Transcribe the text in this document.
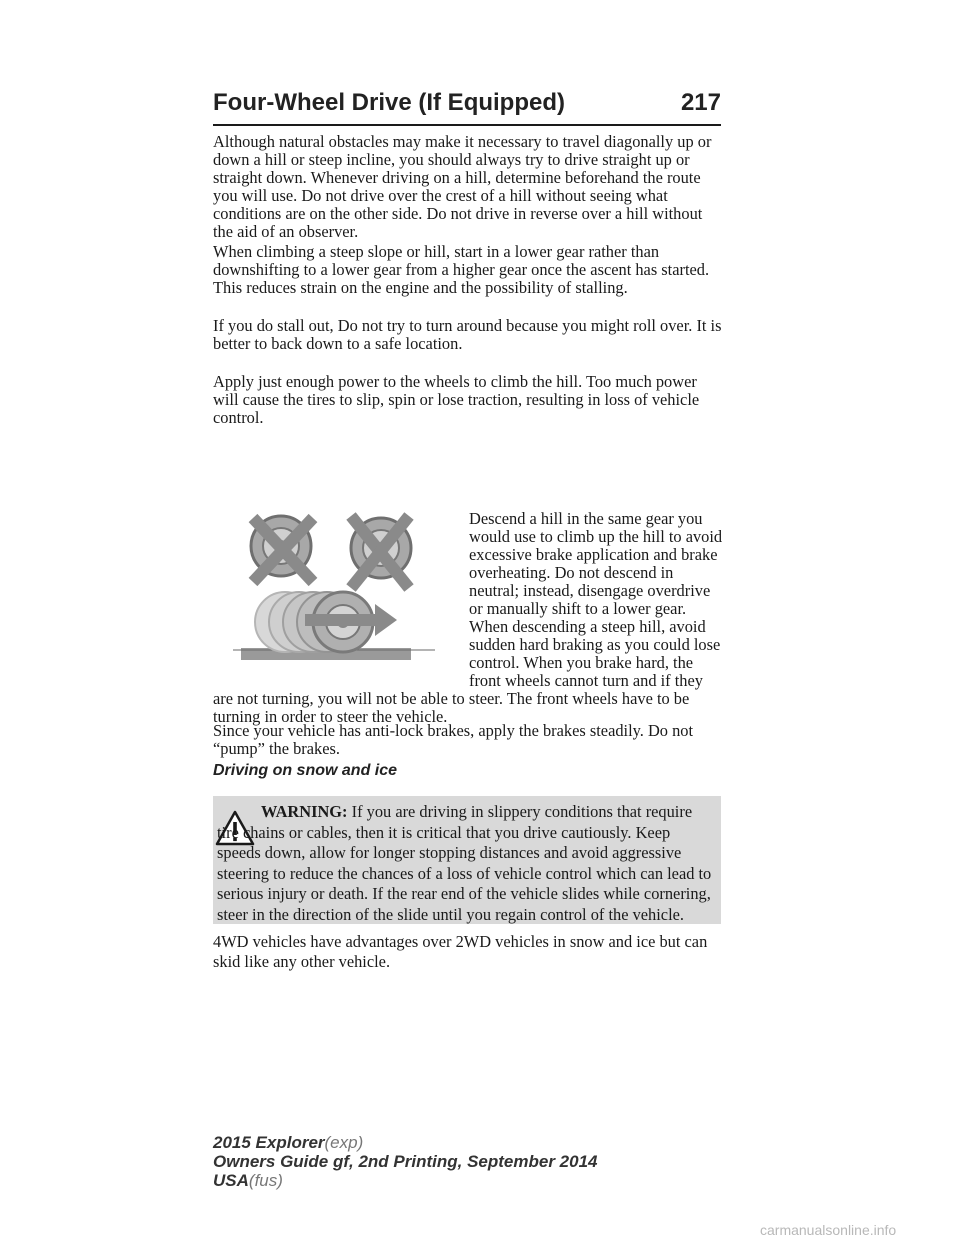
Four-Wheel Drive (If Equipped)	217

Although natural obstacles may make it necessary to travel diagonally up or down a hill or steep incline, you should always try to drive straight up or straight down. Whenever driving on a hill, determine beforehand the route you will use. Do not drive over the crest of a hill without seeing what conditions are on the other side. Do not drive in reverse over a hill without the aid of an observer.

When climbing a steep slope or hill, start in a lower gear rather than downshifting to a lower gear from a higher gear once the ascent has started. This reduces strain on the engine and the possibility of stalling.

If you do stall out, Do not try to turn around because you might roll over. It is better to back down to a safe location.

Apply just enough power to the wheels to climb the hill. Too much power will cause the tires to slip, spin or lose traction, resulting in loss of vehicle control.

Descend a hill in the same gear you would use to climb up the hill to avoid excessive brake application and brake overheating. Do not descend in neutral; instead, disengage overdrive or manually shift to a lower gear. When descending a steep hill, avoid sudden hard braking as you could lose control. When you brake hard, the front wheels cannot turn and if they are not turning, you will not be able to steer. The front wheels have to be turning in order to steer the vehicle.

Since your vehicle has anti-lock brakes, apply the brakes steadily. Do not “pump” the brakes.

Driving on snow and ice
WARNING: If you are driving in slippery conditions that require tire chains or cables, then it is critical that you drive cautiously. Keep speeds down, allow for longer stopping distances and avoid aggressive steering to reduce the chances of a loss of vehicle control which can lead to serious injury or death. If the rear end of the vehicle slides while cornering, steer in the direction of the slide until you regain control of the vehicle.

4WD vehicles have advantages over 2WD vehicles in snow and ice but can skid like any other vehicle.

2015 Explorer(exp)
Owners Guide gf, 2nd Printing, September 2014
USA(fus)
carmanualsonline.info
